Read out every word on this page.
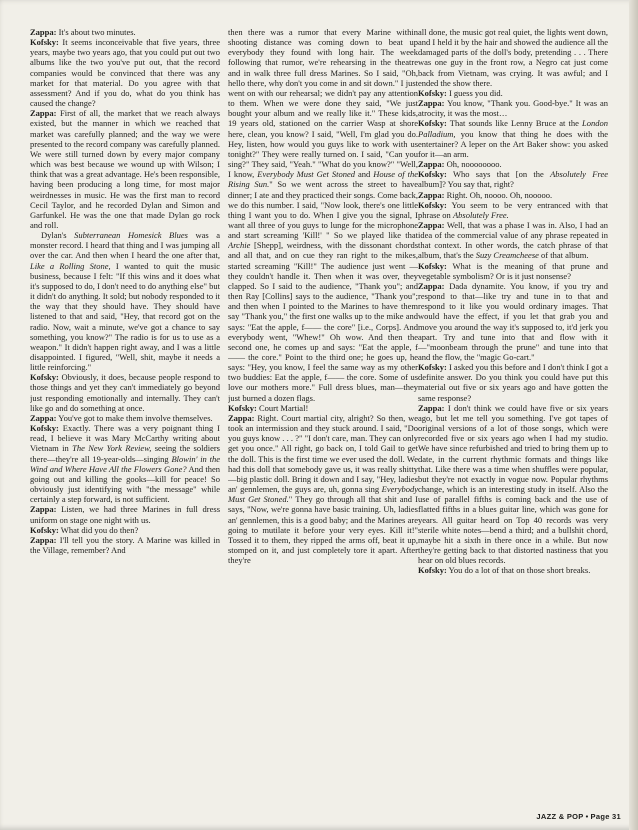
Zappa: It's about two minutes.

Kofsky: It seems inconceivable that five years, three years, maybe two years ago, that you could put out two albums like the two you've put out, that the record companies would be convinced that there was any market for that material. Do you agree with that assessment? And if you do, what do you think has caused the change?

Zappa: First of all, the market that we reach always existed, but the manner in which we reached that market was carefully planned; and the way we were presented to the record company was carefully planned. We were still turned down by every major company which was best because we wound up with Wilson; I think that was a great advantage. He's been responsible, having been producing a long time, for most major weirdnesses in music. He was the first man to record Cecil Taylor, and he recorded Dylan and Simon and Garfunkel. He was the one that made Dylan go rock and roll.

Dylan's Subterranean Homesick Blues was a monster record. I heard that thing and I was jumping all over the car. And then when I heard the one after that, Like a Rolling Stone, I wanted to quit the music business, because I felt: "If this wins and it does what it's supposed to do, I don't need to do anything else" but it didn't do anything. It sold; but nobody responded to it the way that they should have. They should have listened to that and said, "Hey, that record got on the radio. Now, wait a minute, we've got a chance to say something, you know?" The radio is for us to use as a weapon." It didn't happen right away, and I was a little disappointed. I figured, "Well, shit, maybe it needs a little reinforcing."

Kofsky: Obviously, it does, because people respond to those things and yet they can't immediately go beyond just responding emotionally and internally. They can't like go and do something at once.

Zappa: You've got to make them involve themselves.

Kofsky: Exactly. There was a very poignant thing I read, I believe it was Mary McCarthy writing about Vietnam in The New York Review, seeing the soldiers there—they're all 19-year-olds—singing Blowin' in the Wind and Where Have All the Flowers Gone? And then going out and killing the gooks—kill for peace! So obviously just identifying with "the message" while certainly a step forward, is not sufficient.

Zappa: Listen, we had three Marines in full dress uniform on stage one night with us.

Kofsky: What did you do then?

Zappa: I'll tell you the story. A Marine was killed in the Village, remember? And

then there was a rumor that every Marine within shooting distance was coming down to beat up everybody they found with long hair. The week following that rumor, we're rehearsing in the theatre and in walk three full dress Marines. So I said, "Oh, hello there, why don't you come in and sit down." I just went on with our rehearsal; we didn't pay any attention to them. When we were done they said, "We just bought your album and we really like it." These kids, 19 years old, stationed on the carrier Wasp at shore here, clean, you know? I said, "Well, I'm glad you do. Hey, listen, how would you guys like to work with us tonight?" They were really turned on. I said, "Can you sing?" They said, "Yeah." "What do you know?" "Well, I know, Everybody Must Get Stoned and House of the Rising Sun." So we went across the street to have dinner; I ate and they practiced their songs. Come back, we do this number. I said, "Now look, there's one little thing I want you to do. When I give you the signal, I want all three of you guys to lunge for the microphone and start screaming 'Kill!' " So we played like that Archie [Shepp], weirdness, with the dissonant chords and all that, and on cue they ran right to the mikes, started screaming "Kill!" The audience just went —they couldn't handle it. Then when it was over, they clapped. So I said to the audience, "Thank you"; and then Ray [Collins] says to the audience, "Thank you"; and then when I pointed to the Marines to have them say "Thank you," the first one walks up to the mike and says: "Eat the apple, f—— the core" [i.e., Corps]. And everybody went, "Whew!" Oh wow. And then the second one, he comes up and says: "Eat the apple, f—— the core." Point to the third one; he goes up, he says: "Hey, you know, I feel the same way as my other two buddies: Eat the apple, f—— the core. Some of us love our mothers more." Full dress blues, man—they just burned a dozen flags.

Kofsky: Court Martial!

Zappa: Right. Court martial city, alright? So then, we took an intermission and they stuck around. I said, "Do you guys know . . . ?" "I don't care, man. They can only get you once." All right, go back on, I told Gail to get the doll. This is the first time we ever used the doll. We had this doll that somebody gave us, it was really shitty—big plastic doll. Bring it down and I say, "Hey, ladies an' gennlemen, the guys are, uh, gonna sing Everybody Must Get Stoned." They go through all that shit and I says, "Now, we're gonna have basic training. Uh, ladies an' gennlemen, this is a good baby; and the Marines are going to mutilate it before your very eyes. Kill it!" Tossed it to them, they ripped the arms off, beat it up, stomped on it, and just completely tore it apart. After they're

all done, the music got real quiet, the lights went down, and I held it by the hair and showed the audience all the damaged parts of the doll's body, pretending . . . There was one guy in the front row, a Negro cat just come back from Vietnam, was crying. It was awful; and I ended the show there.

Kofsky: I guess you did.

Zappa: You know, "Thank you. Good-bye." It was an atrocity, it was the most…

Kofsky: That sounds like Lenny Bruce at the London Palladium, you know that thing he does with the entertainer? A leper on the Art Baker show: you asked for it—an arm.

Zappa: Oh, noooooooo.

Kofsky: Who says that [on the Absolutely Free album]? You say that, right?

Zappa: Right. Oh, noooo. Oh, nooooo.

Kofsky: You seem to be very entranced with that phrase on Absolutely Free.

Zappa: Well, that was a phase I was in. Also, I had an idea of the commercial value of any phrase repeated in that context. In other words, the catch phrase of that album, that's the Suzy Creamcheese of that album.

Kofsky: What is the meaning of that prune and vegetable symbolism? Or is it just nonsense?

Zappa: Dada dynamite. You know, if you try and respond to that—like try and tune in to that and respond to it like you would ordinary images. That would have the effect, if you let that grab you and move you around the way it's supposed to, it'd jerk you apart. Try and tune into that and flow with it—"moonbeam through the prune" and tune into that and the flow, the "magic Go-cart."

Kofsky: I asked you this before and I don't think I got a definite answer. Do you think you could have put this material out five or six years ago and have gotten the same response?

Zappa: I don't think we could have five or six years ago, but let me tell you something. I've got tapes of original versions of a lot of those songs, which were recorded five or six years ago when I had my studio. We have since refurbished and tried to bring them up to date, in the current rhythmic formats and things like that. Like there was a time when shuffles were popular, but they're not exactly in vogue now. Popular rhythms change, which is an interesting study in itself. Also the use of parallel fifths is coming back and the use of flatted fifths in a blues guitar line, which was gone for years. All guitar heard on Top 40 records was very sterile white notes—bend a third; and a bullshit chord, maybe hit a sixth in there once in a while. But now they're getting back to that distorted nastiness that you hear on old blues records.

Kofsky: You do a lot of that on those short breaks.

JAZZ & POP • Page 31
